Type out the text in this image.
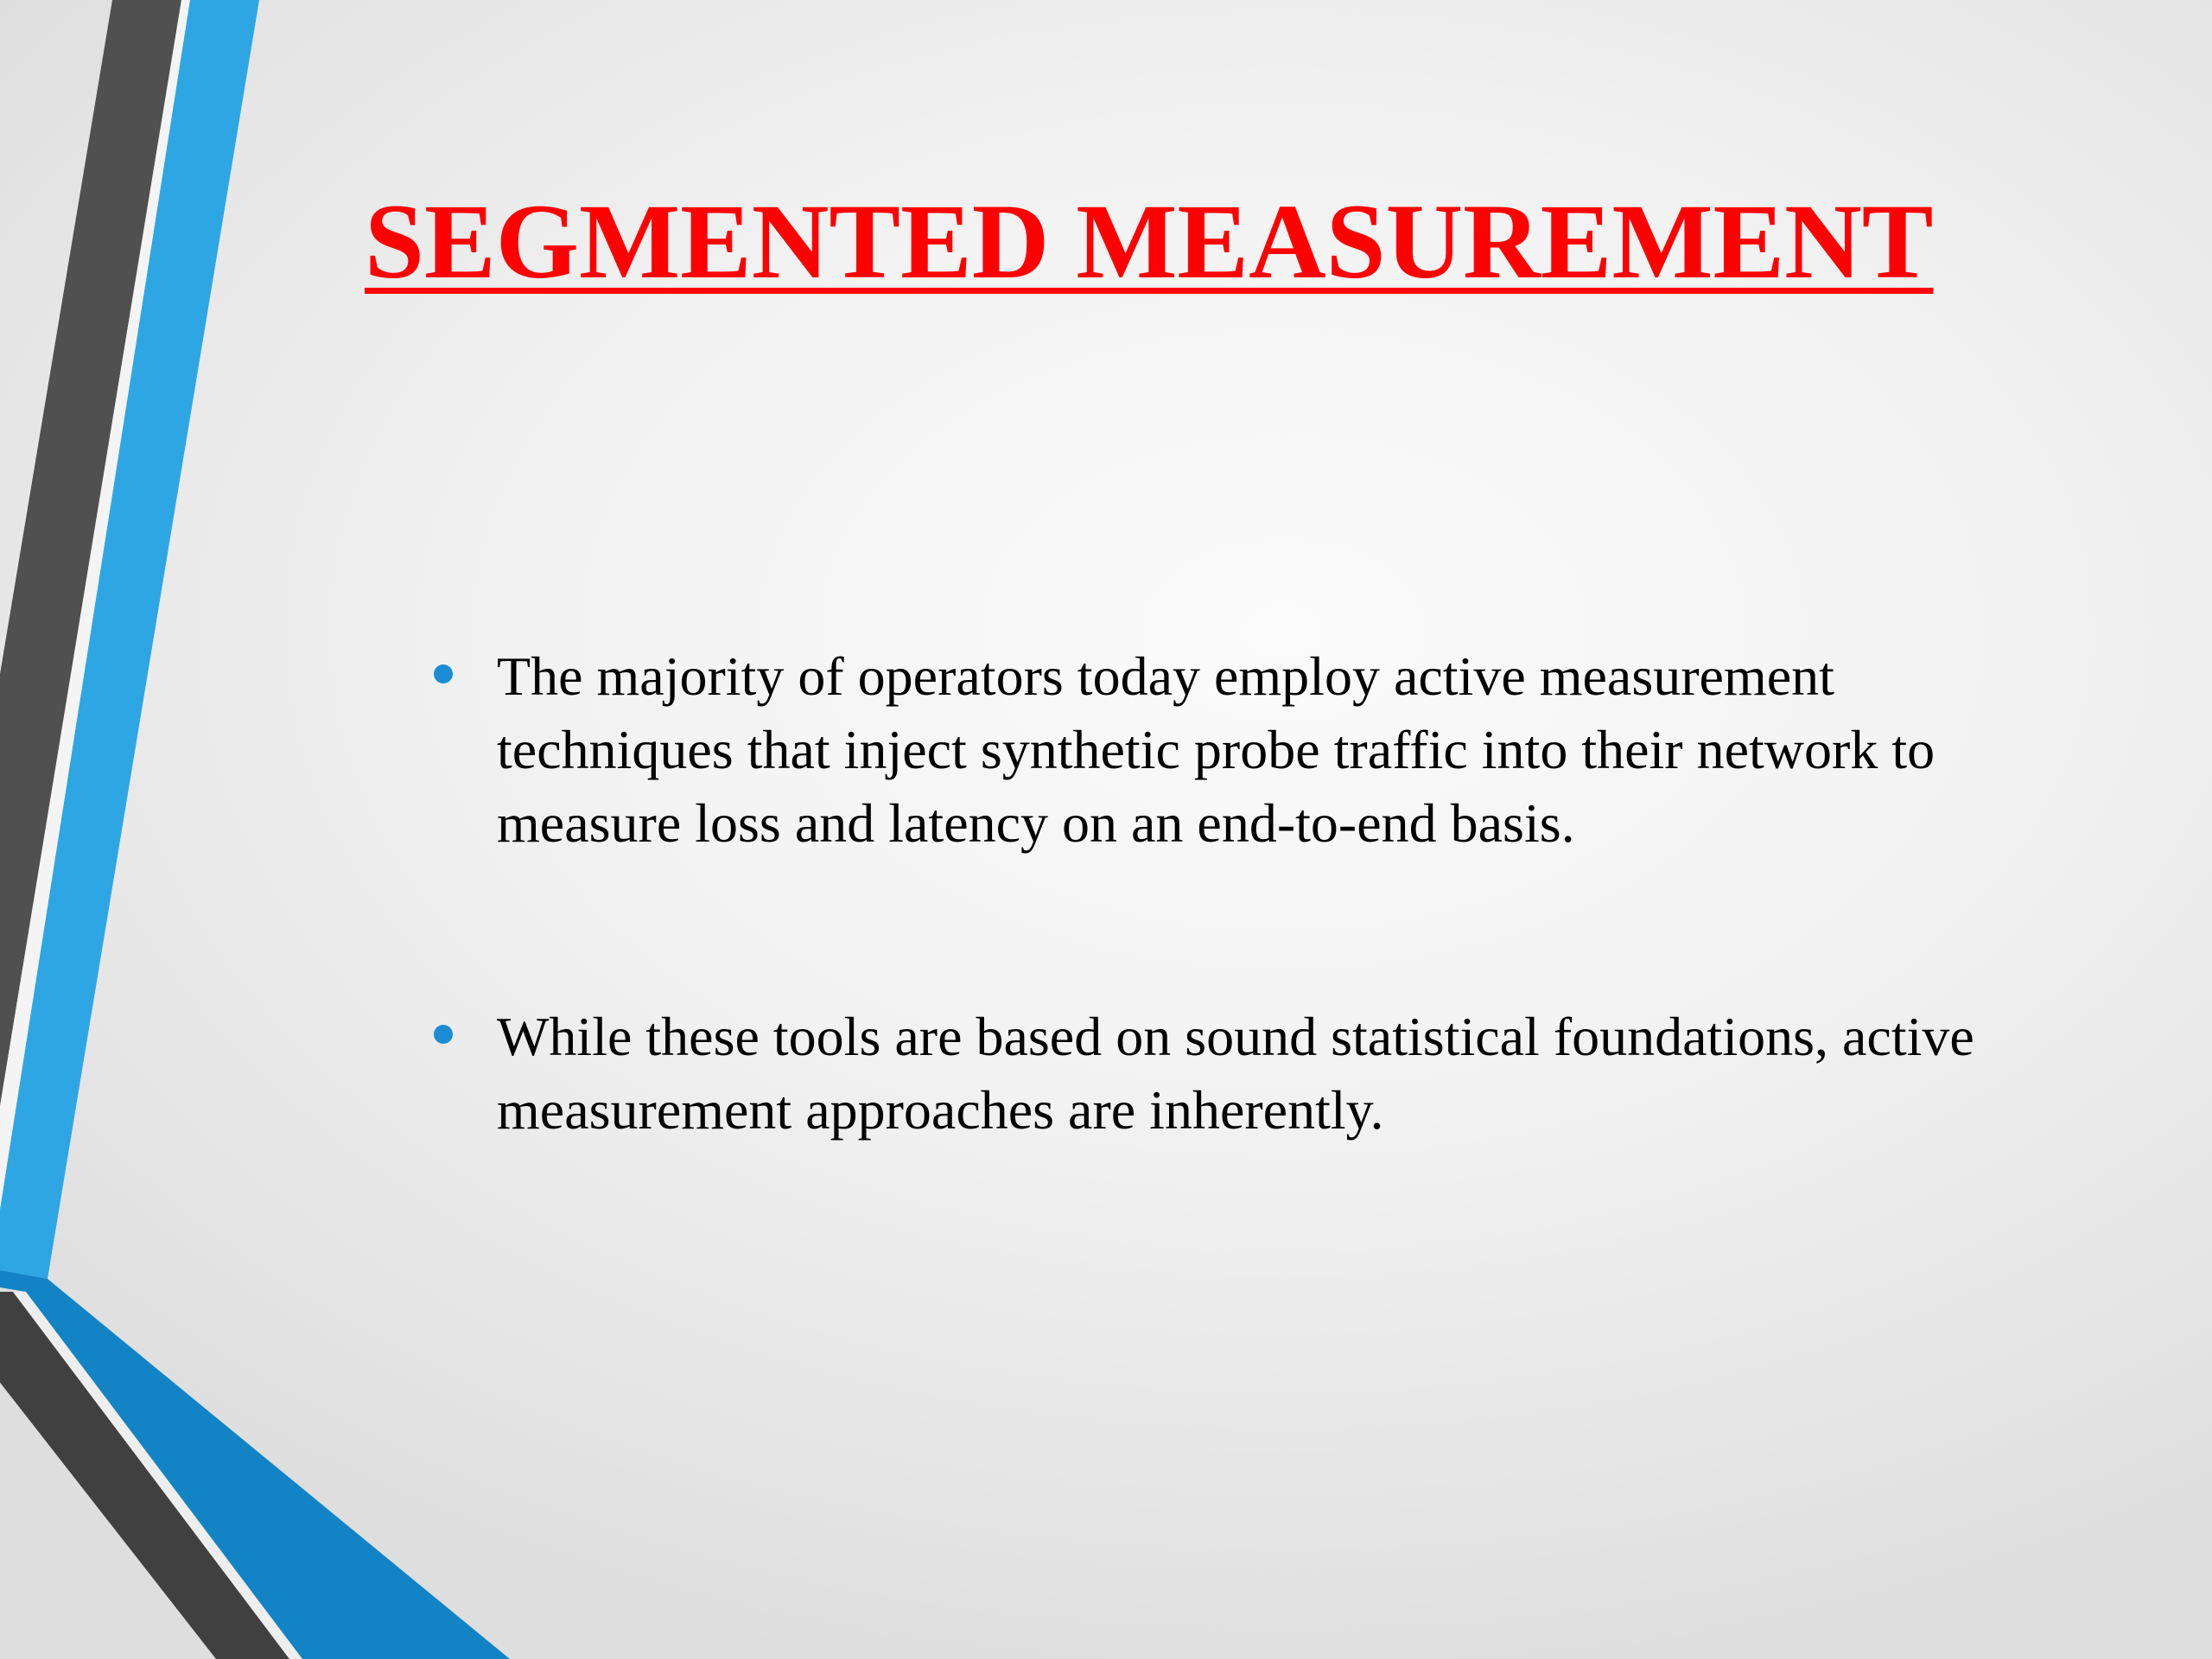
SEGMENTED MEASUREMENT
The majority of operators today employ active measurement techniques that inject synthetic probe traffic into their network to measure loss and latency on an end-to-end basis.
While these tools are based on sound statistical foundations, active measurement approaches are inherently.
